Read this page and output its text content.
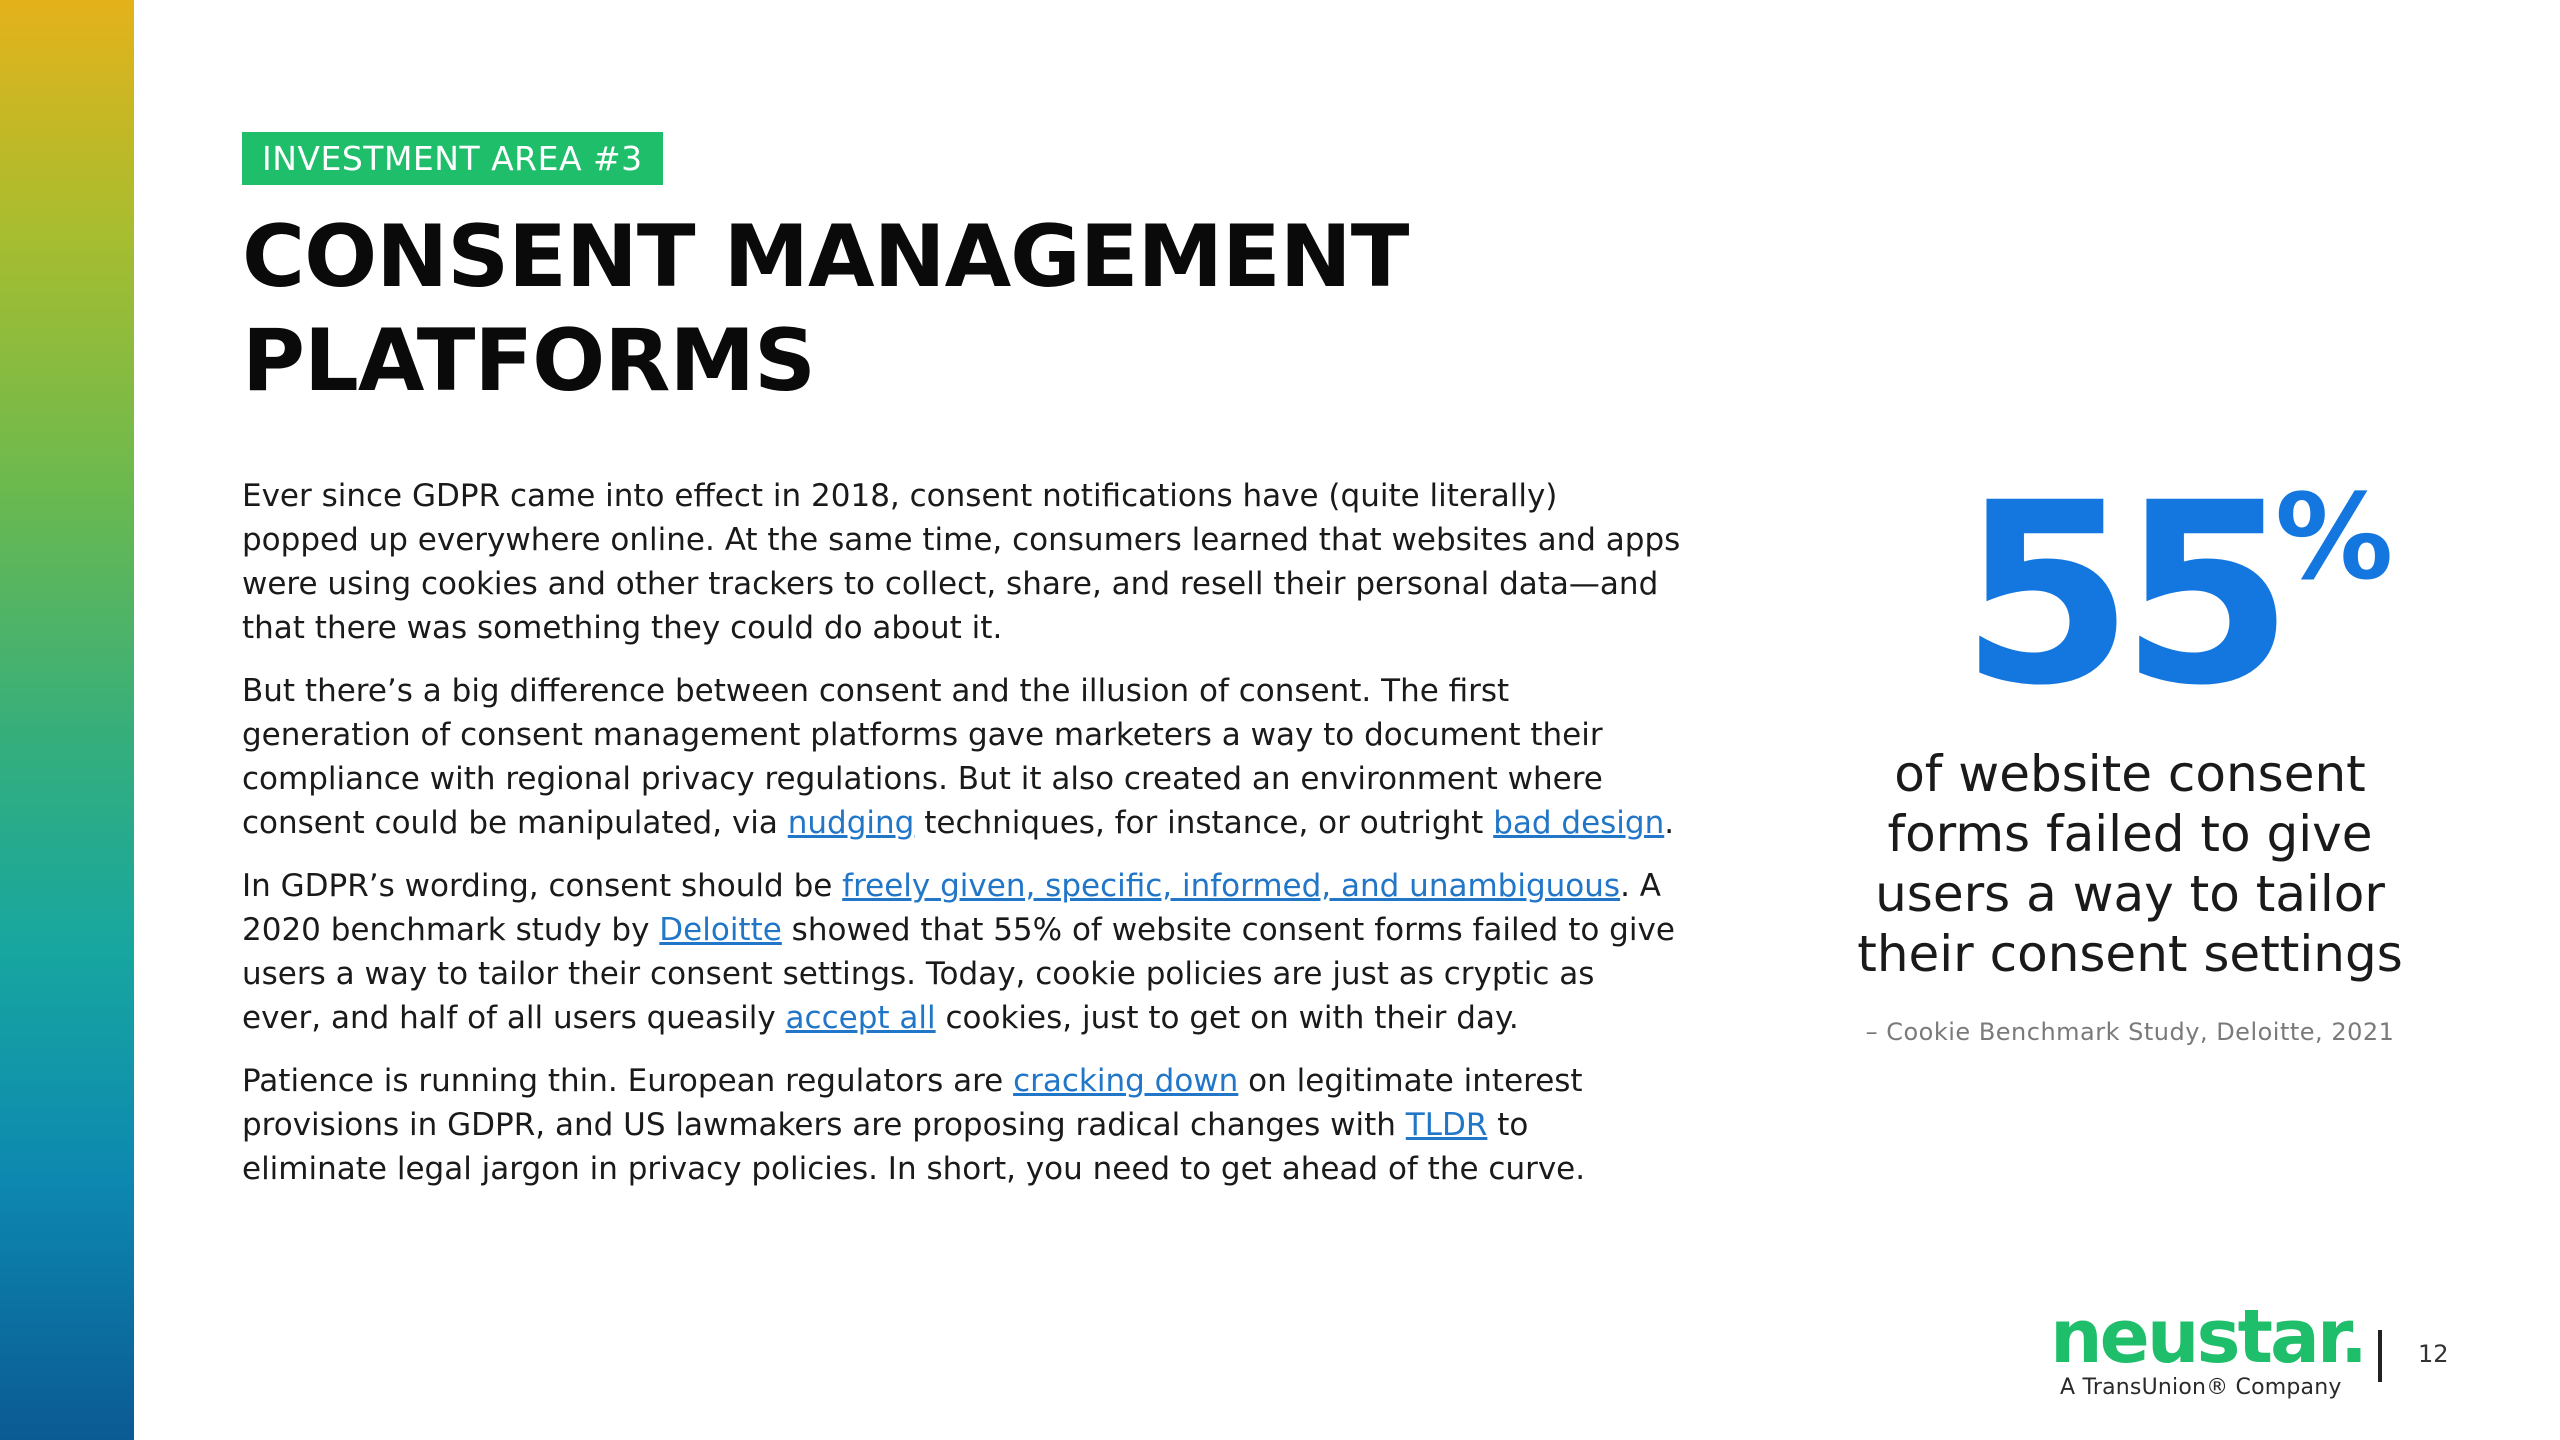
INVESTMENT AREA #3
CONSENT MANAGEMENT
PLATFORMS

Ever since GDPR came into effect in 2018, consent notifications have (quite literally) popped up everywhere online. At the same time, consumers learned that websites and apps were using cookies and other trackers to collect, share, and resell their personal data—and that there was something they could do about it.

But there’s a big difference between consent and the illusion of consent. The first generation of consent management platforms gave marketers a way to document their compliance with regional privacy regulations. But it also created an environment where consent could be manipulated, via nudging techniques, for instance, or outright bad design.

In GDPR’s wording, consent should be freely given, specific, informed, and unambiguous. A 2020 benchmark study by Deloitte showed that 55% of website consent forms failed to give users a way to tailor their consent settings. Today, cookie policies are just as cryptic as ever, and half of all users queasily accept all cookies, just to get on with their day.

Patience is running thin. European regulators are cracking down on legitimate interest provisions in GDPR, and US lawmakers are proposing radical changes with TLDR to eliminate legal jargon in privacy policies. In short, you need to get ahead of the curve.

55
%
of website consent forms failed to give users a way to tailor their consent settings
– Cookie Benchmark Study, Deloitte, 2021
neustar.
A TransUnion® Company
12
